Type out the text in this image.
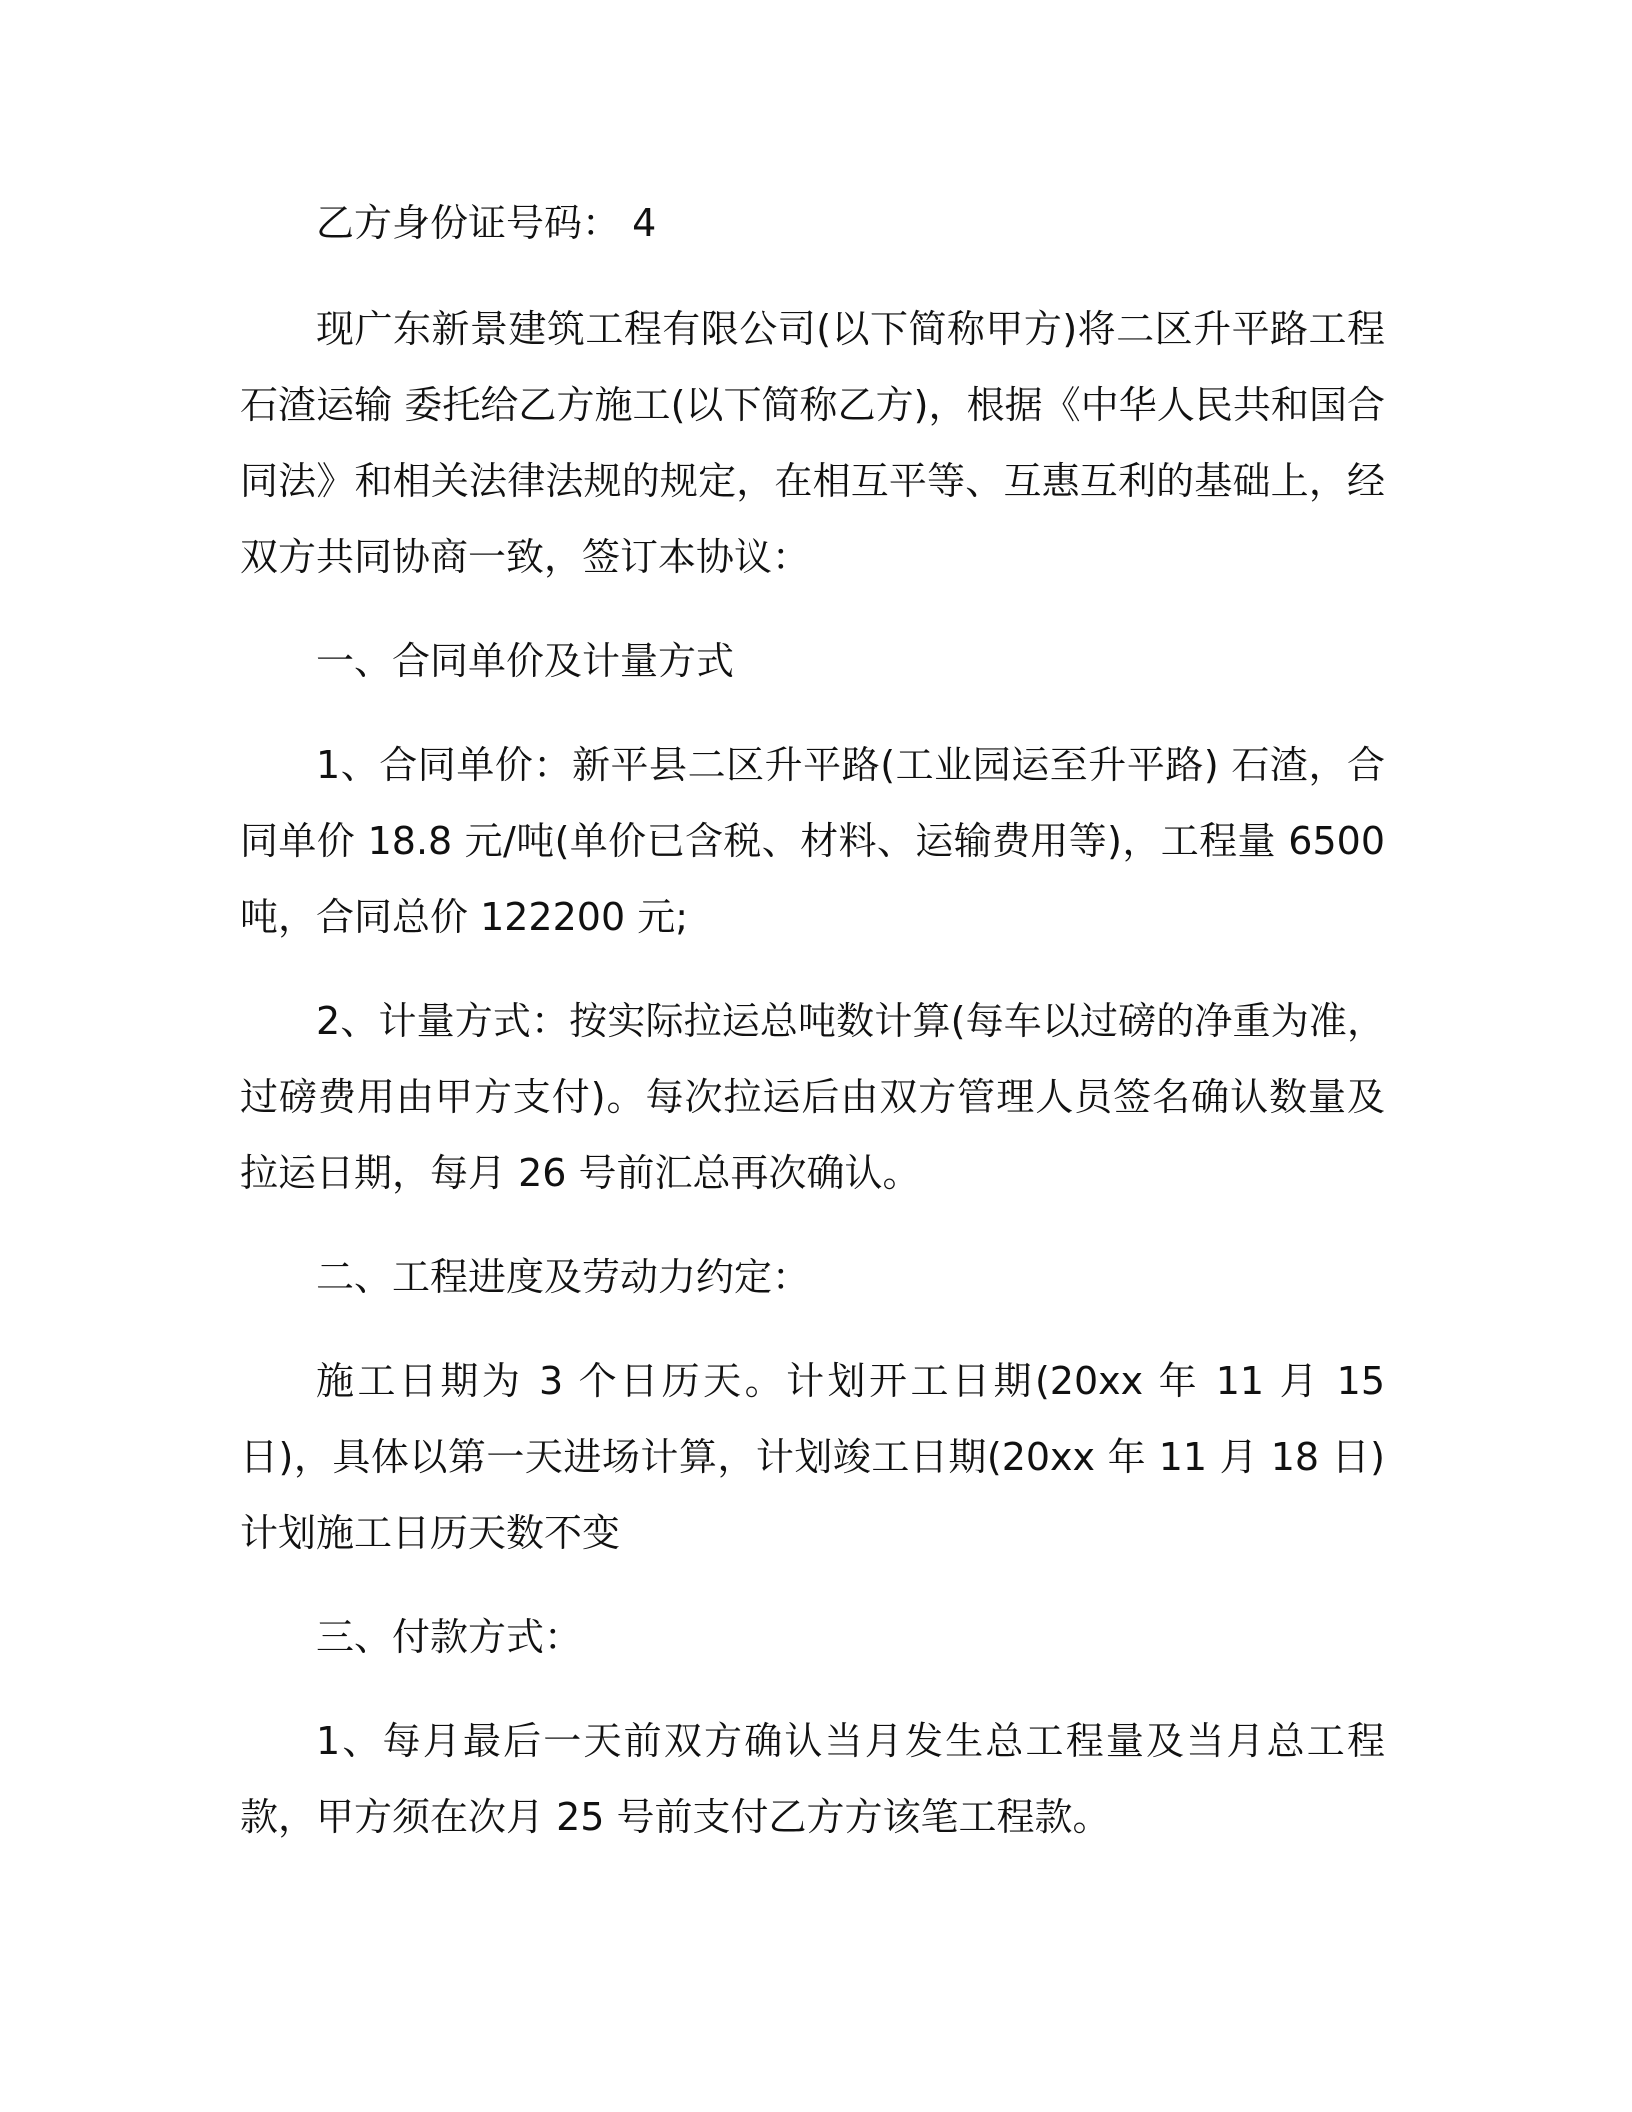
乙方身份证号码： 4

现广东新景建筑工程有限公司(以下简称甲方)将二区升平路工程石渣运输 委托给乙方施工(以下简称乙方)，根据《中华人民共和国合同法》和相关法律法规的规定，在相互平等、互惠互利的基础上，经双方共同协商一致，签订本协议：

一、合同单价及计量方式

1、合同单价：新平县二区升平路(工业园运至升平路) 石渣，合同单价 18.8 元/吨(单价已含税、材料、运输费用等)，工程量 6500 吨，合同总价 122200 元;

2、计量方式：按实际拉运总吨数计算(每车以过磅的净重为准，过磅费用由甲方支付)。每次拉运后由双方管理人员签名确认数量及拉运日期，每月 26 号前汇总再次确认。

二、工程进度及劳动力约定：

施工日期为 3 个日历天。计划开工日期(20xx 年 11 月 15 日)，具体以第一天进场计算，计划竣工日期(20xx 年 11 月 18 日)计划施工日历天数不变

三、付款方式：

1、每月最后一天前双方确认当月发生总工程量及当月总工程款，甲方须在次月 25 号前支付乙方方该笔工程款。
